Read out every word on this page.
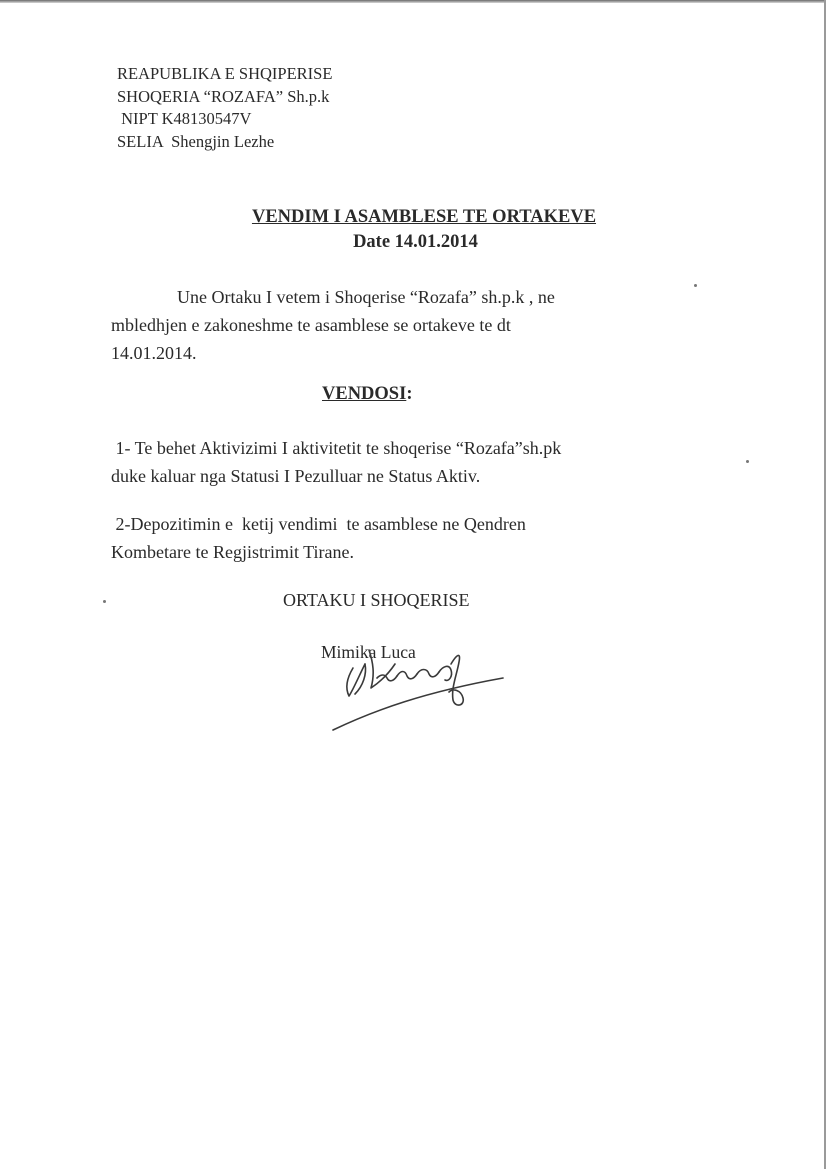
REAPUBLIKA E SHQIPERISE
SHOQERIA “ROZAFA” Sh.p.k
NIPT K48130547V
SELIA  Shengjin Lezhe
VENDIM I ASAMBLESE TE ORTAKEVE
Date 14.01.2014
Une Ortaku I vetem i Shoqerise “Rozafa” sh.p.k , ne
mbledhjen e zakoneshme te asamblese se ortakeve te dt
14.01.2014.
VENDOSI:
1- Te behet Aktivizimi I aktivitetit te shoqerise “Rozafa”sh.pk
duke kaluar nga Statusi I Pezulluar ne Status Aktiv.
2-Depozitimin e  ketij vendimi  te asamblese ne Qendren
Kombetare te Regjistrimit Tirane.
ORTAKU I SHOQERISE
Mimika Luca
